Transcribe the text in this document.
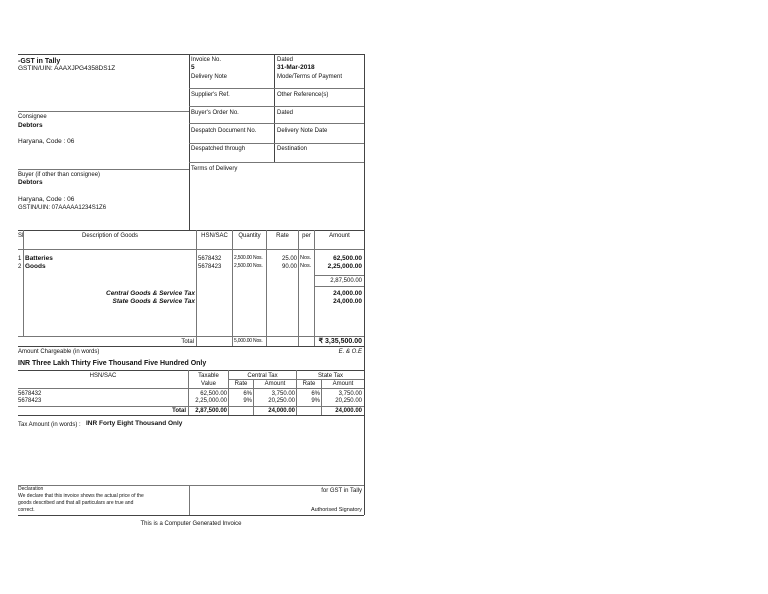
-GST in Tally
GSTIN/UIN: AAAXJPG4358DS1Z
Invoice No.
5
Dated
31-Mar-2018
Delivery Note	Mode/Terms of Payment
Supplier's Ref.	Other Reference(s)
Buyer's Order No.	Dated
Despatch Document No.	Delivery Note Date
Despatched through	Destination
Terms of Delivery
Consignee
Debtors
Haryana, Code : 06
Buyer (if other than consignee)
Debtors
Haryana, Code : 06
GSTIN/UIN: 07AAAAA1234S1Z6
Sl	Description of Goods	HSN/SAC	Quantity	Rate	per	Amount
1 Batteries	5678432	2,500.00 Nos.	25.00 Nos.	62,500.00
2 Goods	5678423	2,500.00 Nos.	90.00 Nos.	2,25,000.00
2,87,500.00
Central Goods & Service Tax	24,000.00
State Goods & Service Tax	24,000.00
Total	5,000.00 Nos.	₹ 3,35,500.00
Amount Chargeable (in words)	E. & O.E
INR Three Lakh Thirty Five Thousand Five Hundred Only
HSN/SAC	Taxable
Value
Central Tax	State Tax
Rate	Amount	Rate	Amount
5678432	62,500.00	6%	3,750.00	6%	3,750.00
5678423	2,25,000.00	9%	20,250.00	9%	20,250.00
Total	2,87,500.00	24,000.00	24,000.00
Tax Amount (in words) : INR Forty Eight Thousand Only
Declaration
We declare that this invoice shows the actual price of the
goods described and that all particulars are true and
correct.
for GST in Tally
Authorised Signatory
This is a Computer Generated Invoice
